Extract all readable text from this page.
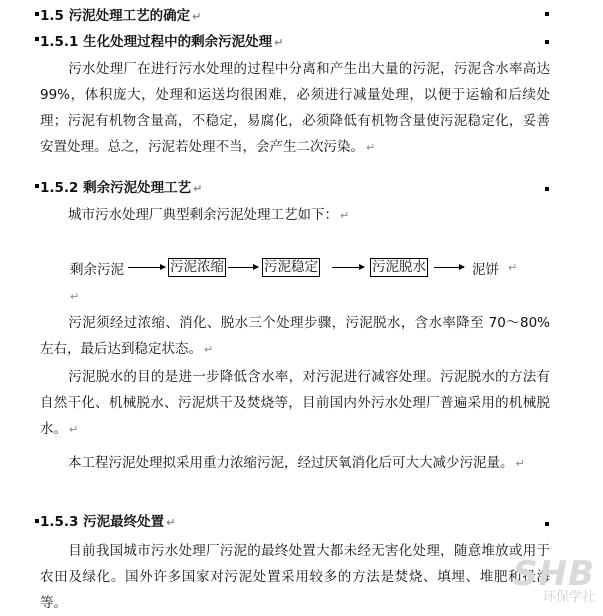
1.5 污泥处理工艺的确定 ↵
1.5.1 生化处理过程中的剩余污泥处理 ↵
污水处理厂在进行污水处理的过程中分离和产生出大量的污泥，污泥含水率高达 99%，体积庞大，处理和运送均很困难，必须进行减量处理，以便于运输和后续处理；污泥有机物含量高，不稳定，易腐化，必须降低有机物含量使污泥稳定化，妥善安置处理。总之，污泥若处理不当，会产生二次污染。 ↵
1.5.2 剩余污泥处理工艺 ↵
城市污水处理厂典型剩余污泥处理工艺如下： ↵
剩余污泥	污泥浓缩	污泥稳定	污泥脱水	泥饼 ↵
↵
污泥须经过浓缩、消化、脱水三个处理步骤，污泥脱水，含水率降至 70～80%左右，最后达到稳定状态。 ↵
污泥脱水的目的是进一步降低含水率，对污泥进行减容处理。污泥脱水的方法有自然干化、机械脱水、污泥烘干及焚烧等，目前国内外污水处理厂普遍采用的机械脱水。 ↵
本工程污泥处理拟采用重力浓缩污泥，经过厌氧消化后可大大减少污泥量。 ↵
1.5.3 污泥最终处置 ↵
目前我国城市污水处理厂污泥的最终处置大都未经无害化处理，随意堆放或用于农田及绿化。国外许多国家对污泥处置采用较多的方法是焚烧、填埋、堆肥和投海等。
SHB
环保学社
